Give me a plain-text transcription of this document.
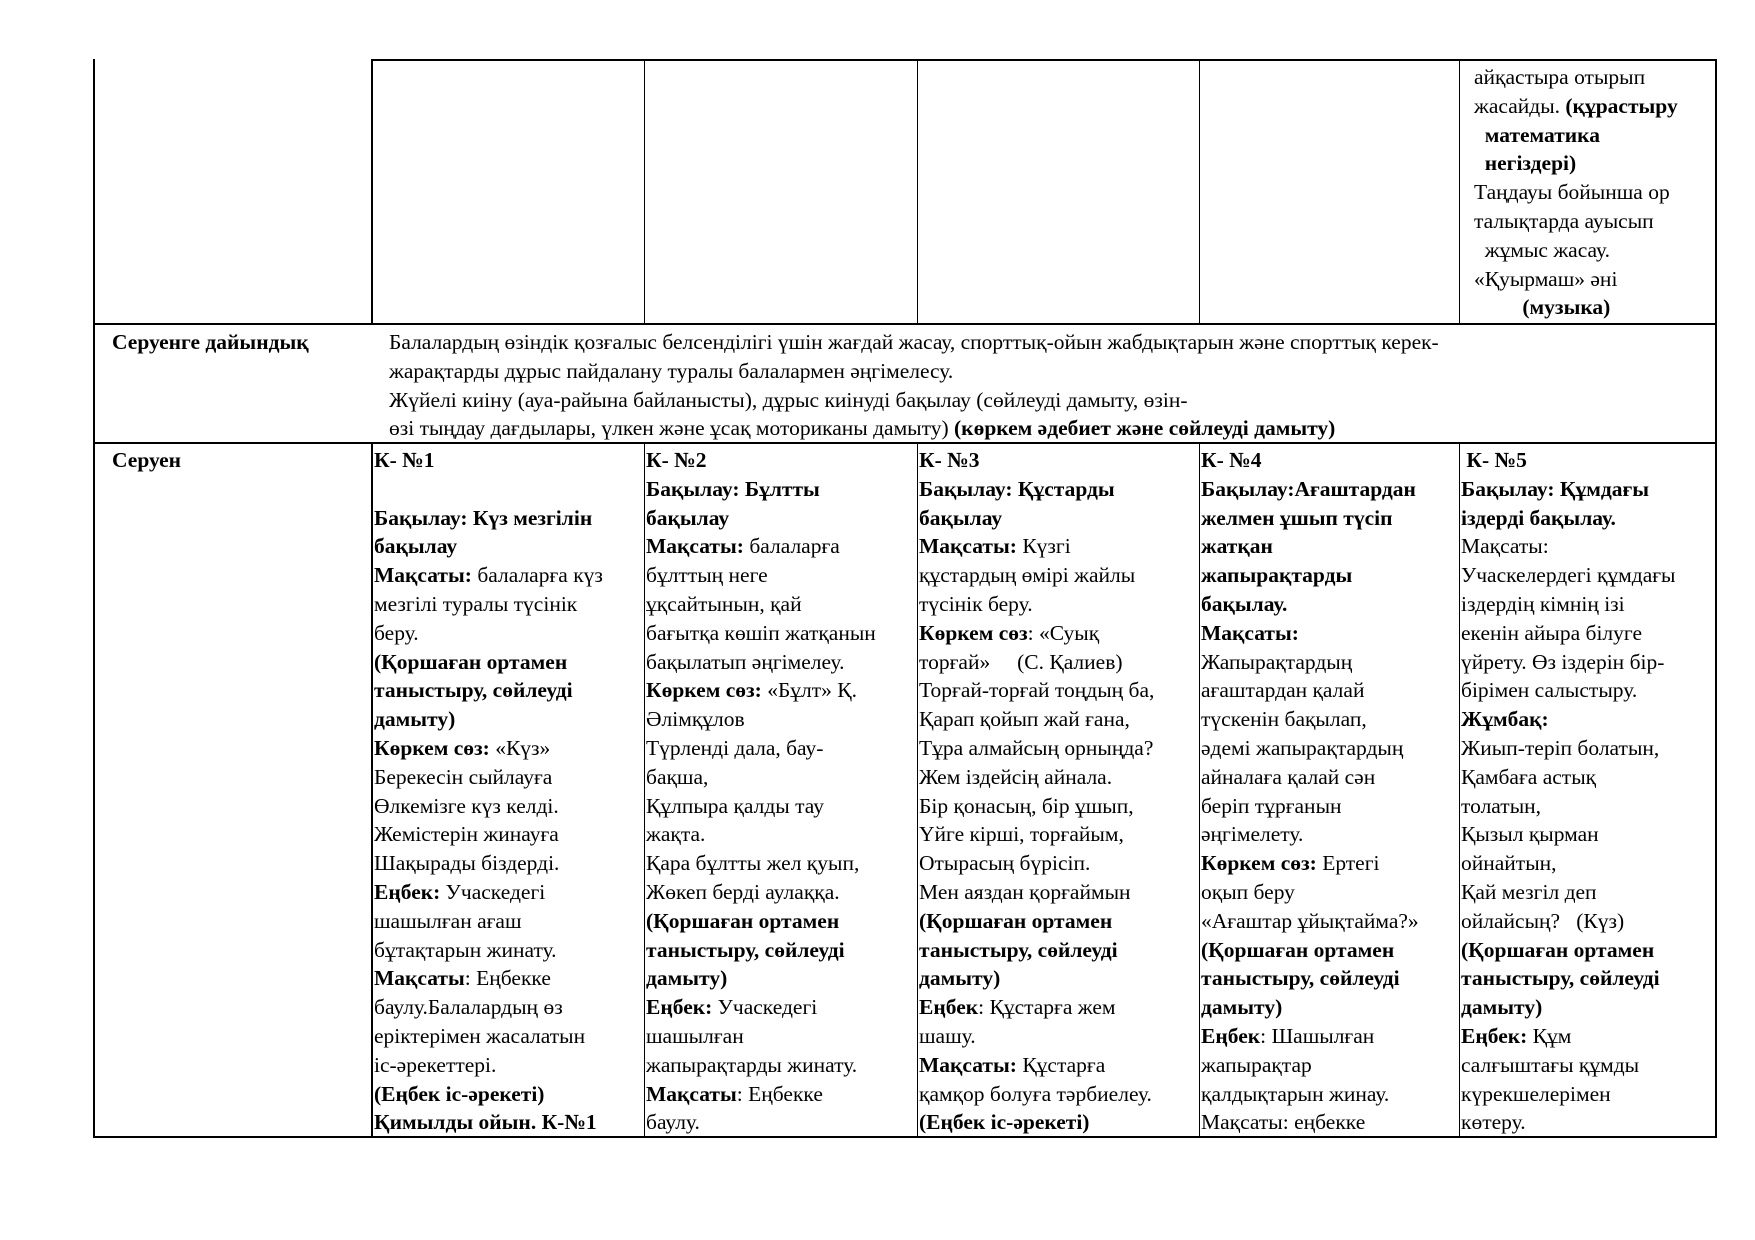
айқастыра отырып
жасайды. (құрастыру
математика
негіздері)
Таңдауы бойынша ор
талықтарда ауысып
жұмыс жасау.
«Қуырмаш» әні
(музыка)
Серуенге дайындық	Балалардың өзіндік қозғалыс белсенділігі үшін жағдай жасау, спорттық-ойын жабдықтарын және спорттық керек-
жарақтарды дұрыс пайдалану туралы балалармен әңгімелесу.
Жүйелі киіну (ауа-райына байланысты), дұрыс киінуді бақылау (сөйлеуді дамыту, өзін-
өзі тыңдау дағдылары, үлкен және ұсақ моториканы дамыту) (көркем әдебиет және сөйлеуді дамыту)
Серуен	К- №1

Бақылау: Күз мезгілін
бақылау
Мақсаты: балаларға күз
мезгілі туралы түсінік
беру.
(Қоршаған ортамен
таныстыру, сөйлеуді
дамыту)
Көркем сөз: «Күз»
Берекесін сыйлауға
Өлкемізге күз келді.
Жемістерін жинауға
Шақырады біздерді.
Еңбек: Учаскедегі
шашылған ағаш
бұтақтарын жинату.
Мақсаты: Еңбекке
баулу.Балалардың өз
еріктерімен жасалатын
іс-әрекеттері.
(Еңбек іс-әрекеті)
Қимылды ойын. К-№1
К- №2
Бақылау: Бұлтты
бақылау
Мақсаты: балаларға
бұлттың неге
ұқсайтынын, қай
бағытқа көшіп жатқанын
бақылатып әңгімелеу.
Көркем сөз: «Бұлт» Қ.
Әлімқұлов
Түрленді дала, бау-
бақша,
Құлпыра қалды тау
жақта.
Қара бұлтты жел қуып,
Жөкеп берді аулаққа.
(Қоршаған ортамен
таныстыру, сөйлеуді
дамыту)
Еңбек: Учаскедегі
шашылған
жапырақтарды жинату.
Мақсаты: Еңбекке
баулу.
К- №3
Бақылау: Құстарды
бақылау
Мақсаты: Күзгі
құстардың өмірі жайлы
түсінік беру.
Көркем сөз: «Суық
торғай»     (С. Қалиев)
Торғай-торғай тоңдың ба,
Қарап қойып жай ғана,
Тұра алмайсың орныңда?
Жем іздейсің айнала.
Бір қонасың, бір ұшып,
Үйге кірші, торғайым,
Отырасың бүрісіп.
Мен аяздан қорғаймын
(Қоршаған ортамен
таныстыру, сөйлеуді
дамыту)
Еңбек: Құстарға жем
шашу.
Мақсаты: Құстарға
қамқор болуға тәрбиелеу.
(Еңбек іс-әрекеті)
К- №4
Бақылау:Ағаштардан
желмен ұшып түсіп
жатқан
жапырақтарды
бақылау.
Мақсаты:
Жапырақтардың
ағаштардан қалай
түскенін бақылап,
әдемі жапырақтардың
айналаға қалай сән
беріп тұрғанын
әңгімелету.
Көркем сөз: Ертегі
оқып беру
«Ағаштар ұйықтайма?»
(Қоршаған ортамен
таныстыру, сөйлеуді
дамыту)
Еңбек: Шашылған
жапырақтар
қалдықтарын жинау.
Мақсаты: еңбекке
К- №5
Бақылау: Құмдағы
іздерді бақылау.
Мақсаты:
Учаскелердегі құмдағы
іздердің кімнің ізі
екенін айыра білуге
үйрету. Өз іздерін бір-
бірімен салыстыру.
Жұмбақ:
Жиып-теріп болатын,
Қамбаға астық
толатын,
Қызыл қырман
ойнайтын,
Қай мезгіл деп
ойлайсың?   (Күз)
(Қоршаған ортамен
таныстыру, сөйлеуді
дамыту)
Еңбек: Құм
салғыштағы құмды
күрекшелерімен
көтеру.
